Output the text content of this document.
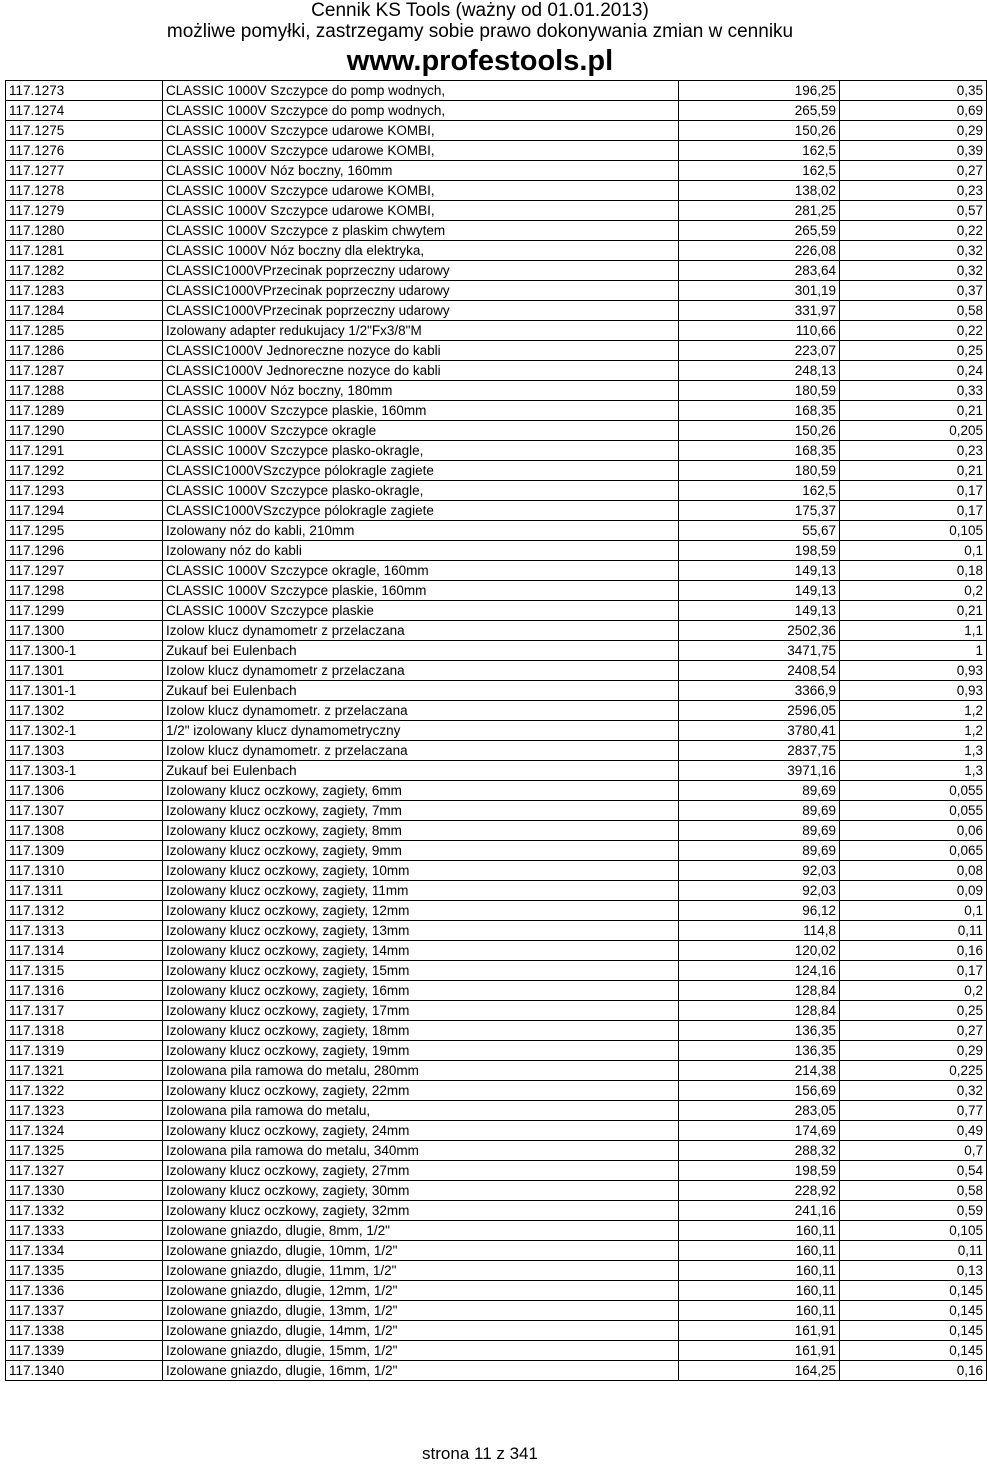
Cennik KS Tools (ważny od 01.01.2013)
możliwe pomyłki, zastrzegamy sobie prawo dokonywania zmian w cenniku
www.profestools.pl
117.1273	CLASSIC 1000V Szczypce do pomp wodnych,	196,25	0,35
117.1274	CLASSIC 1000V Szczypce do pomp wodnych,	265,59	0,69
117.1275	CLASSIC 1000V Szczypce udarowe KOMBI,	150,26	0,29
117.1276	CLASSIC 1000V Szczypce udarowe KOMBI,	162,5	0,39
117.1277	CLASSIC 1000V Nóz boczny, 160mm	162,5	0,27
117.1278	CLASSIC 1000V Szczypce udarowe KOMBI,	138,02	0,23
117.1279	CLASSIC 1000V Szczypce udarowe KOMBI,	281,25	0,57
117.1280	CLASSIC 1000V Szczypce z plaskim chwytem	265,59	0,22
117.1281	CLASSIC 1000V Nóz boczny dla elektryka,	226,08	0,32
117.1282	CLASSIC1000VPrzecinak poprzeczny udarowy	283,64	0,32
117.1283	CLASSIC1000VPrzecinak poprzeczny udarowy	301,19	0,37
117.1284	CLASSIC1000VPrzecinak poprzeczny udarowy	331,97	0,58
117.1285	Izolowany adapter redukujacy 1/2"Fx3/8"M	110,66	0,22
117.1286	CLASSIC1000V Jednoreczne nozyce do kabli	223,07	0,25
117.1287	CLASSIC1000V Jednoreczne nozyce do kabli	248,13	0,24
117.1288	CLASSIC 1000V Nóz boczny, 180mm	180,59	0,33
117.1289	CLASSIC 1000V Szczypce plaskie, 160mm	168,35	0,21
117.1290	CLASSIC 1000V Szczypce okragle	150,26	0,205
117.1291	CLASSIC 1000V Szczypce plasko-okragle,	168,35	0,23
117.1292	CLASSIC1000VSzczypce pólokragle zagiete	180,59	0,21
117.1293	CLASSIC 1000V Szczypce plasko-okragle,	162,5	0,17
117.1294	CLASSIC1000VSzczypce pólokragle zagiete	175,37	0,17
117.1295	Izolowany nóz do kabli, 210mm	55,67	0,105
117.1296	Izolowany nóz do kabli	198,59	0,1
117.1297	CLASSIC 1000V Szczypce okragle, 160mm	149,13	0,18
117.1298	CLASSIC 1000V Szczypce plaskie, 160mm	149,13	0,2
117.1299	CLASSIC 1000V Szczypce plaskie	149,13	0,21
117.1300	Izolow klucz dynamometr z przelaczana	2502,36	1,1
117.1300-1	Zukauf bei Eulenbach	3471,75	1
117.1301	Izolow klucz dynamometr z przelaczana	2408,54	0,93
117.1301-1	Zukauf bei Eulenbach	3366,9	0,93
117.1302	Izolow klucz dynamometr. z przelaczana	2596,05	1,2
117.1302-1	1/2" izolowany klucz dynamometryczny	3780,41	1,2
117.1303	Izolow klucz dynamometr. z przelaczana	2837,75	1,3
117.1303-1	Zukauf bei Eulenbach	3971,16	1,3
117.1306	Izolowany klucz oczkowy, zagiety, 6mm	89,69	0,055
117.1307	Izolowany klucz oczkowy, zagiety, 7mm	89,69	0,055
117.1308	Izolowany klucz oczkowy, zagiety, 8mm	89,69	0,06
117.1309	Izolowany klucz oczkowy, zagiety, 9mm	89,69	0,065
117.1310	Izolowany klucz oczkowy, zagiety, 10mm	92,03	0,08
117.1311	Izolowany klucz oczkowy, zagiety, 11mm	92,03	0,09
117.1312	Izolowany klucz oczkowy, zagiety, 12mm	96,12	0,1
117.1313	Izolowany klucz oczkowy, zagiety, 13mm	114,8	0,11
117.1314	Izolowany klucz oczkowy, zagiety, 14mm	120,02	0,16
117.1315	Izolowany klucz oczkowy, zagiety, 15mm	124,16	0,17
117.1316	Izolowany klucz oczkowy, zagiety, 16mm	128,84	0,2
117.1317	Izolowany klucz oczkowy, zagiety, 17mm	128,84	0,25
117.1318	Izolowany klucz oczkowy, zagiety, 18mm	136,35	0,27
117.1319	Izolowany klucz oczkowy, zagiety, 19mm	136,35	0,29
117.1321	Izolowana pila ramowa do metalu, 280mm	214,38	0,225
117.1322	Izolowany klucz oczkowy, zagiety, 22mm	156,69	0,32
117.1323	Izolowana pila ramowa do metalu,	283,05	0,77
117.1324	Izolowany klucz oczkowy, zagiety, 24mm	174,69	0,49
117.1325	Izolowana pila ramowa do metalu, 340mm	288,32	0,7
117.1327	Izolowany klucz oczkowy, zagiety, 27mm	198,59	0,54
117.1330	Izolowany klucz oczkowy, zagiety, 30mm	228,92	0,58
117.1332	Izolowany klucz oczkowy, zagiety, 32mm	241,16	0,59
117.1333	Izolowane gniazdo, dlugie, 8mm, 1/2"	160,11	0,105
117.1334	Izolowane gniazdo, dlugie, 10mm, 1/2"	160,11	0,11
117.1335	Izolowane gniazdo, dlugie, 11mm, 1/2"	160,11	0,13
117.1336	Izolowane gniazdo, dlugie, 12mm, 1/2"	160,11	0,145
117.1337	Izolowane gniazdo, dlugie, 13mm, 1/2"	160,11	0,145
117.1338	Izolowane gniazdo, dlugie, 14mm, 1/2"	161,91	0,145
117.1339	Izolowane gniazdo, dlugie, 15mm, 1/2"	161,91	0,145
117.1340	Izolowane gniazdo, dlugie, 16mm, 1/2"	164,25	0,16
strona 11 z 341
